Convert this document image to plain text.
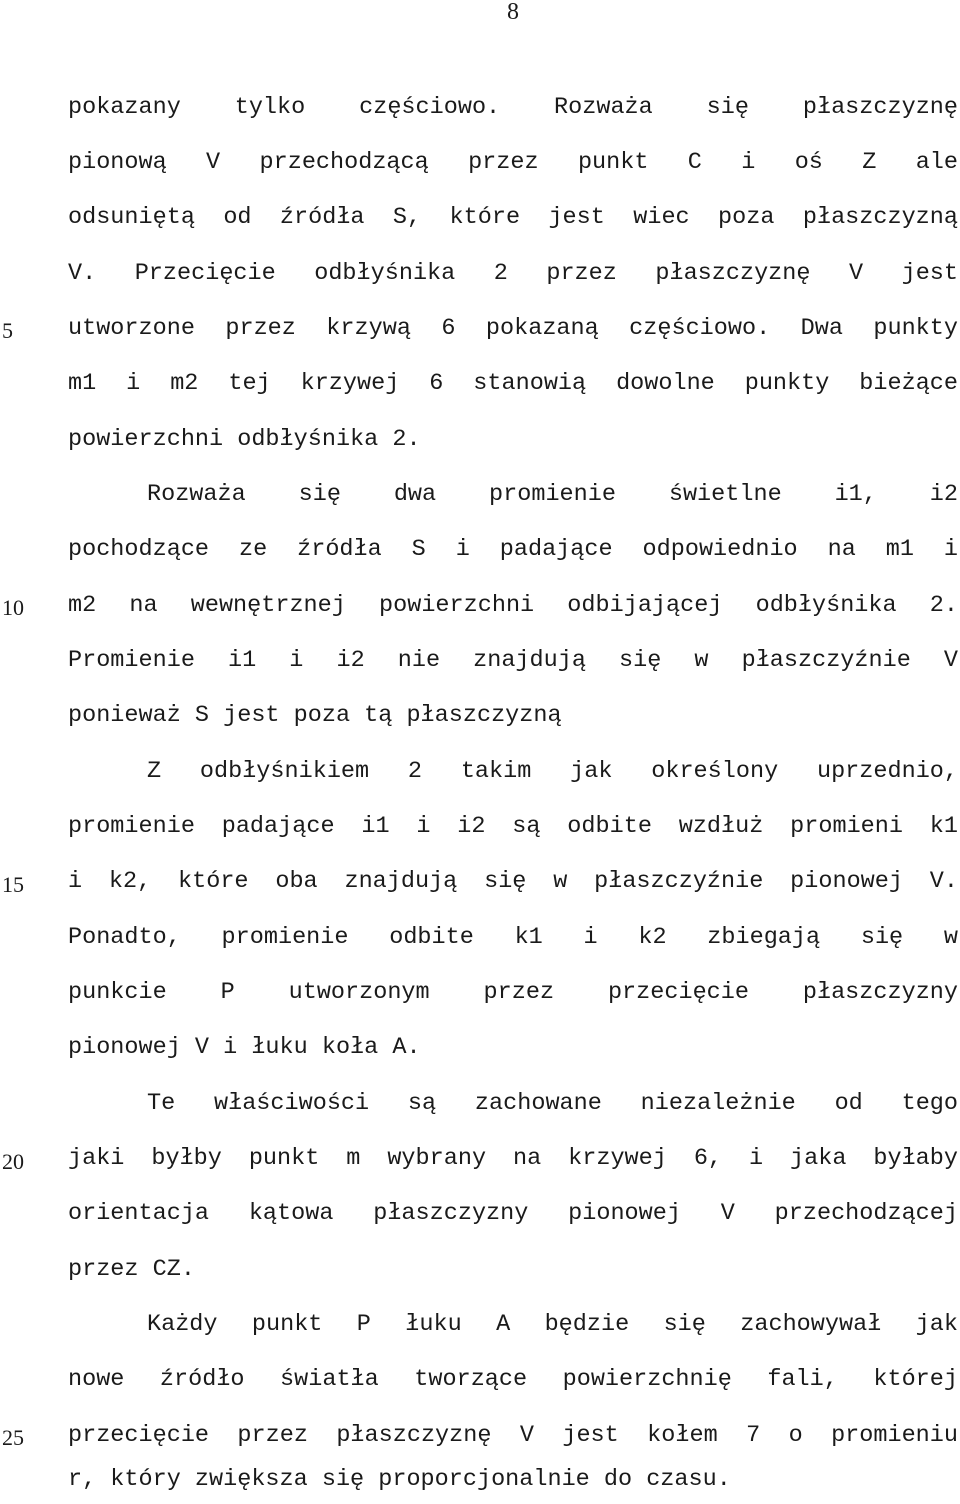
8
5
10
15
20
25
pokazany tylko częściowo. Rozważa się płaszczyznę
pionową V przechodzącą przez punkt C i oś Z ale
odsuniętą od źródła S, które jest wiec poza płaszczyzną
V. Przecięcie odbłyśnika 2 przez płaszczyznę V jest
utworzone przez krzywą 6 pokazaną częściowo. Dwa punkty
m1 i m2 tej krzywej 6 stanowią dowolne punkty bieżące
powierzchni odbłyśnika 2.
Rozważa się dwa promienie świetlne i1, i2
pochodzące ze źródła S i padające odpowiednio na m1 i
m2 na wewnętrznej powierzchni odbijającej odbłyśnika 2.
Promienie i1 i i2 nie znajdują się w płaszczyźnie V
ponieważ S jest poza tą płaszczyzną
Z odbłyśnikiem 2 takim jak określony uprzednio,
promienie padające i1 i i2 są odbite wzdłuż promieni k1
i k2, które oba znajdują się w płaszczyźnie pionowej V.
Ponadto, promienie odbite k1 i k2 zbiegają się w
punkcie P utworzonym przez przecięcie płaszczyzny
pionowej V i łuku koła A.
Te właściwości są zachowane niezależnie od tego
jaki byłby punkt m wybrany na krzywej 6, i jaka byłaby
orientacja kątowa płaszczyzny pionowej V przechodzącej
przez CZ.
Każdy punkt P łuku A będzie się zachowywał jak
nowe źródło światła tworzące powierzchnię fali, której
przecięcie przez płaszczyznę V jest kołem 7 o promieniu
r, który zwiększa się proporcjonalnie do czasu.
